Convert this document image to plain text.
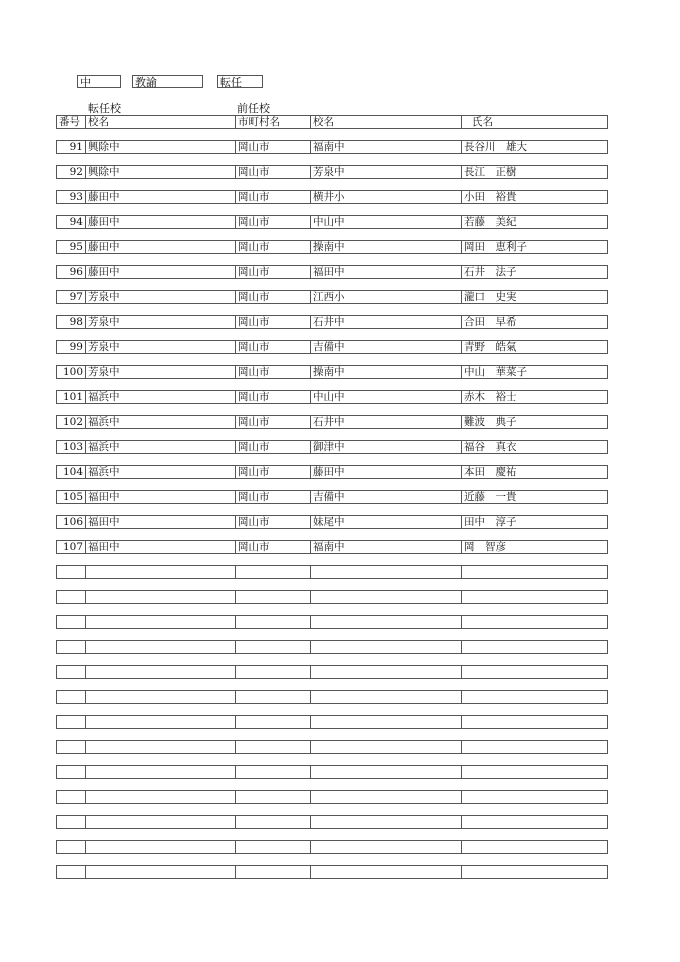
中	教諭	転任
転任校	前任校
番号	校名	市町村名	校名	氏名

91	興除中	岡山市	福南中	長谷川　雄大

92	興除中	岡山市	芳泉中	長江　正樹

93	藤田中	岡山市	横井小	小田　裕貴

94	藤田中	岡山市	中山中	若藤　美紀

95	藤田中	岡山市	操南中	岡田　恵利子

96	藤田中	岡山市	福田中	石井　法子

97	芳泉中	岡山市	江西小	瀧口　史実

98	芳泉中	岡山市	石井中	合田　早希

99	芳泉中	岡山市	吉備中	青野　皓氣

100	芳泉中	岡山市	操南中	中山　華菜子

101	福浜中	岡山市	中山中	赤木　裕士

102	福浜中	岡山市	石井中	難波　典子

103	福浜中	岡山市	御津中	福谷　真衣

104	福浜中	岡山市	藤田中	本田　慶祐

105	福田中	岡山市	吉備中	近藤　一貴

106	福田中	岡山市	妹尾中	田中　淳子

107	福田中	岡山市	福南中	岡　智彦
